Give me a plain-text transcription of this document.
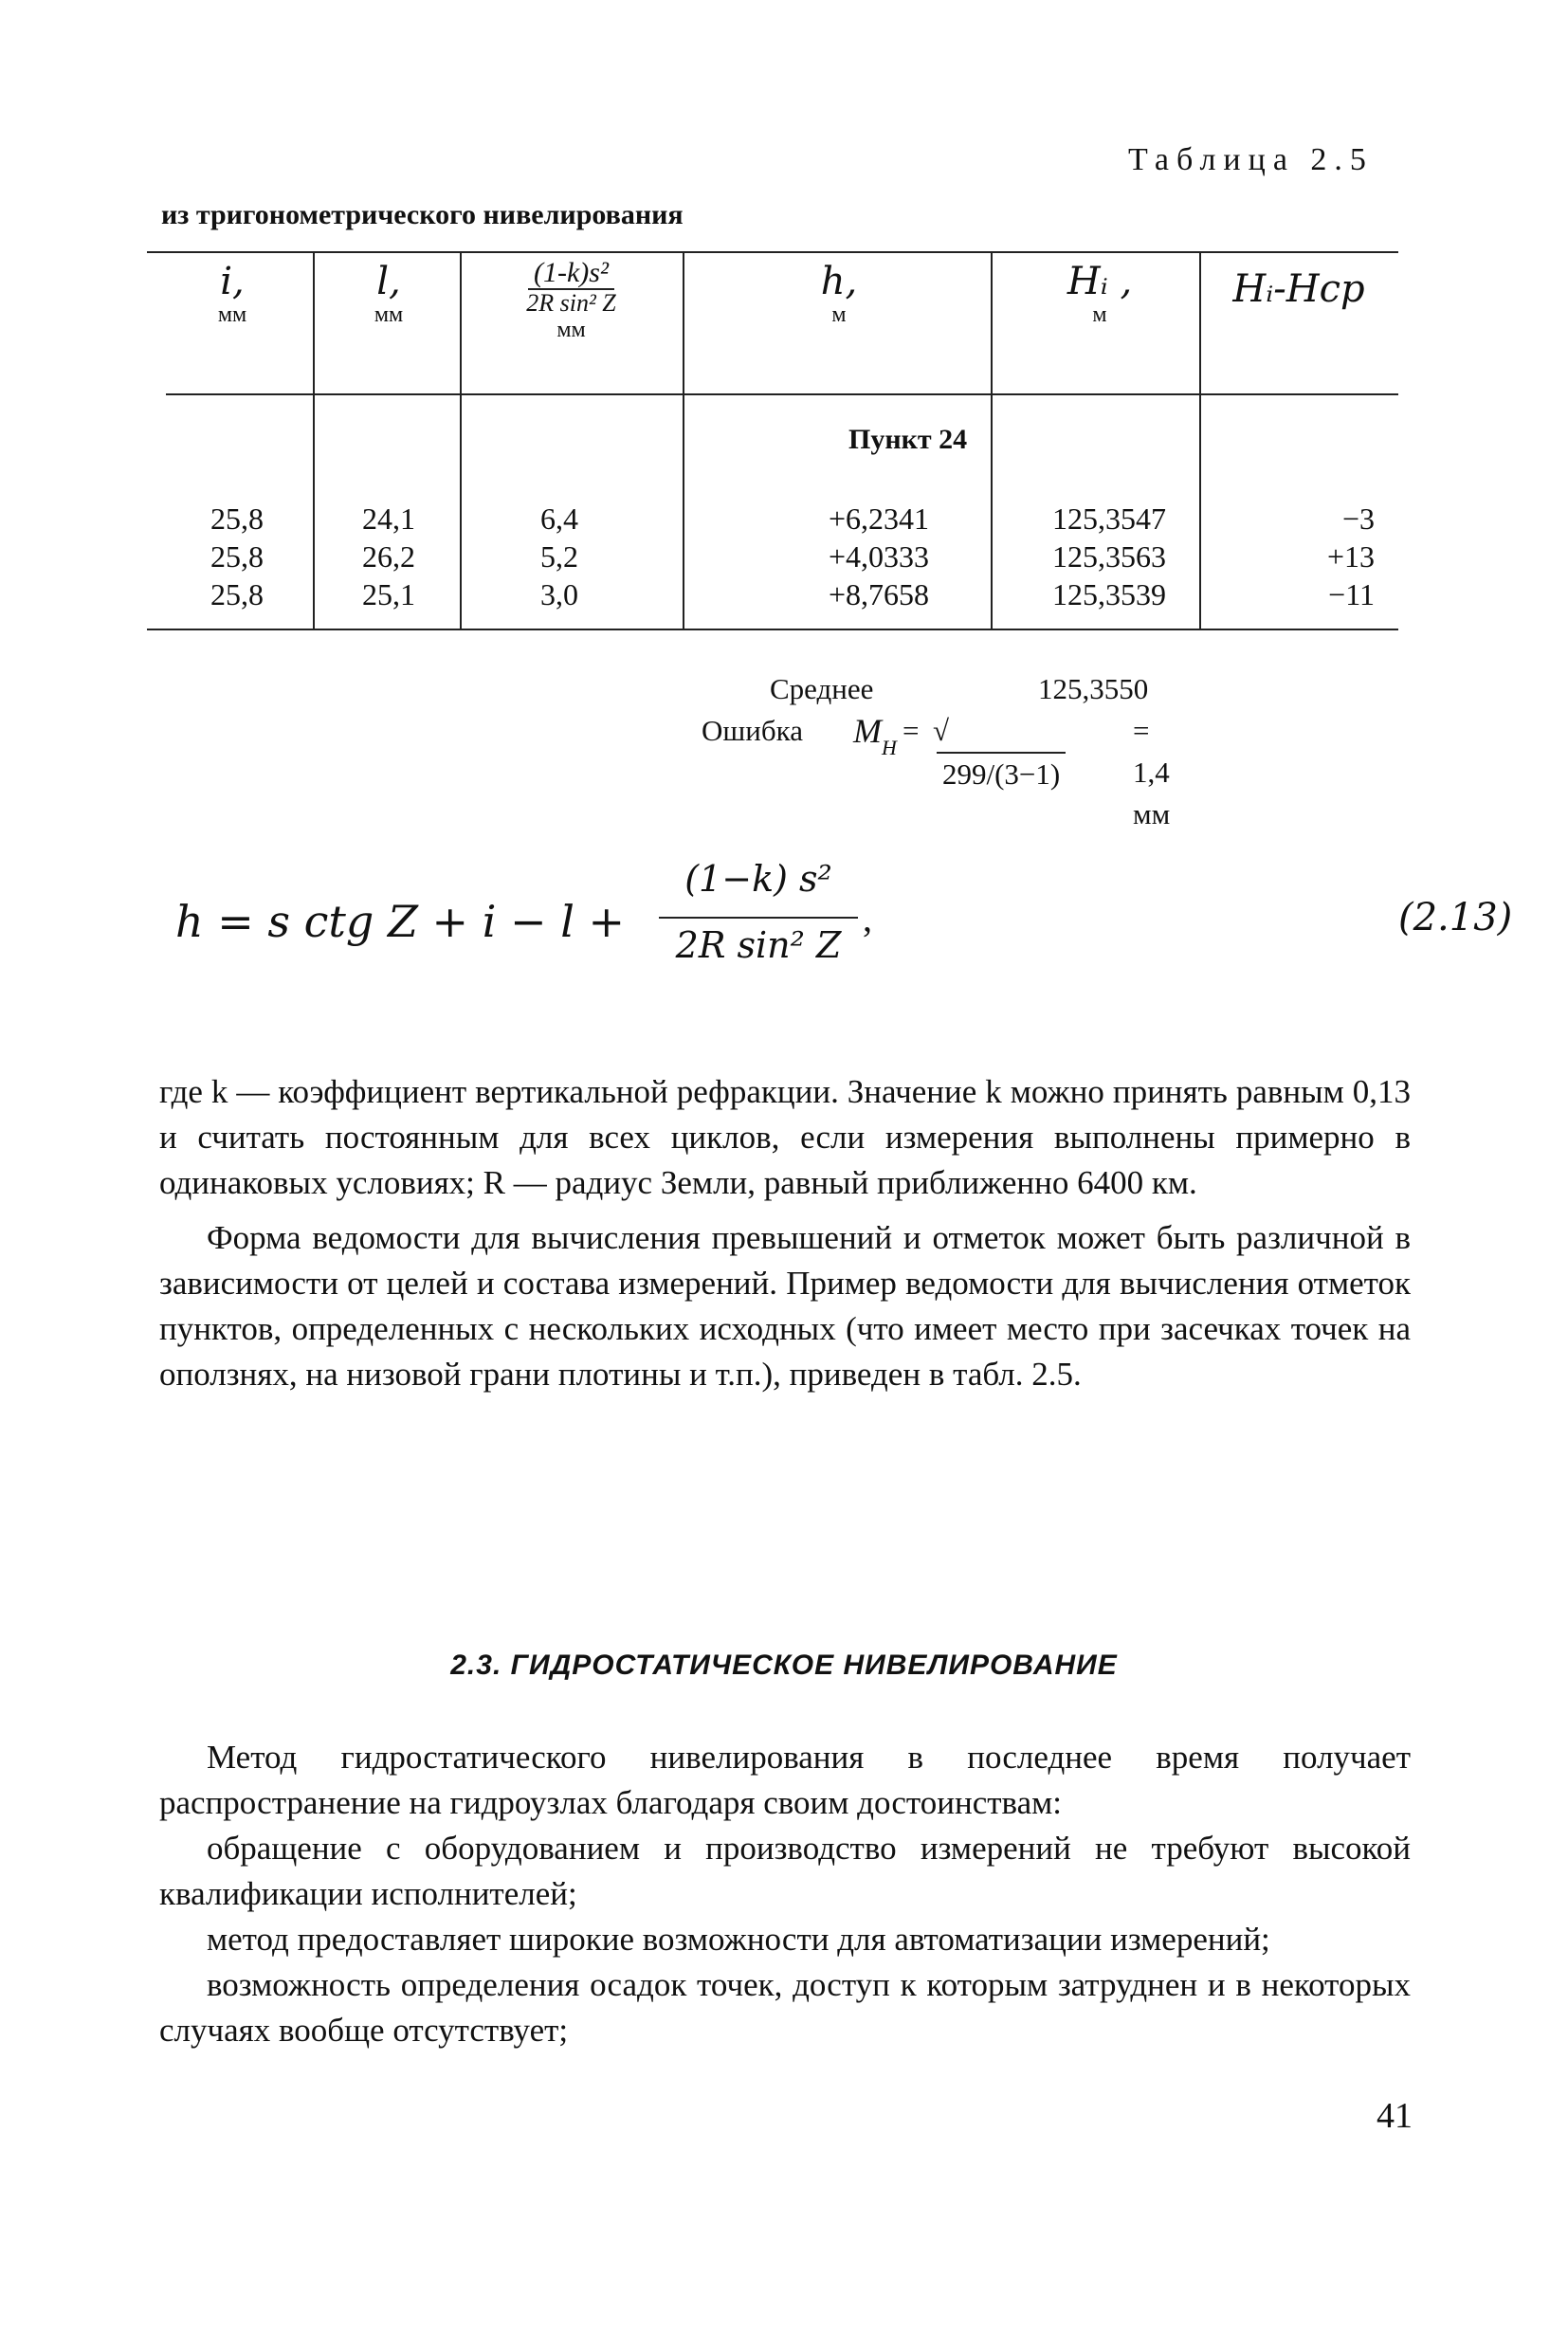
Таблица 2.5
из тригонометрического нивелирования
i,
мм
l,
мм
(1-k)s²
2R sin² Z
мм
h,
м
Hᵢ ,
м
Hᵢ-Hср
Пункт 24
25,8
25,8
25,8
24,1
26,2
25,1
6,4
5,2
3,0
+6,2341
+4,0333
+8,7658
125,3547
125,3563
125,3539
−3
+13
−11
Среднее	125,3550
Ошибка M H
= √299/(3−1)
= 1,4 мм
h = s ctg Z + i − l +
(1−k) s²
2R sin² Z
,	(2.13)

где k — коэффициент вертикальной рефракции. Значение k можно принять равным 0,13 и считать постоянным для всех циклов, если измерения выполнены примерно в одинаковых условиях; R — радиус Земли, равный приближенно 6400 км.

Форма ведомости для вычисления превышений и отметок может быть различной в зависимости от целей и состава измерений. Пример ведомости для вычисления отметок пунктов, определенных с нескольких исходных (что имеет место при засечках точек на оползнях, на низовой грани плотины и т.п.), приведен в табл. 2.5.

2.3. ГИДРОСТАТИЧЕСКОЕ НИВЕЛИРОВАНИЕ

Метод гидростатического нивелирования в последнее время получает распространение на гидроузлах благодаря своим достоинствам:

обращение с оборудованием и производство измерений не требуют высокой квалификации исполнителей;

метод предоставляет широкие возможности для автоматизации измерений;

возможность определения осадок точек, доступ к которым затруднен и в некоторых случаях вообще отсутствует;

41
